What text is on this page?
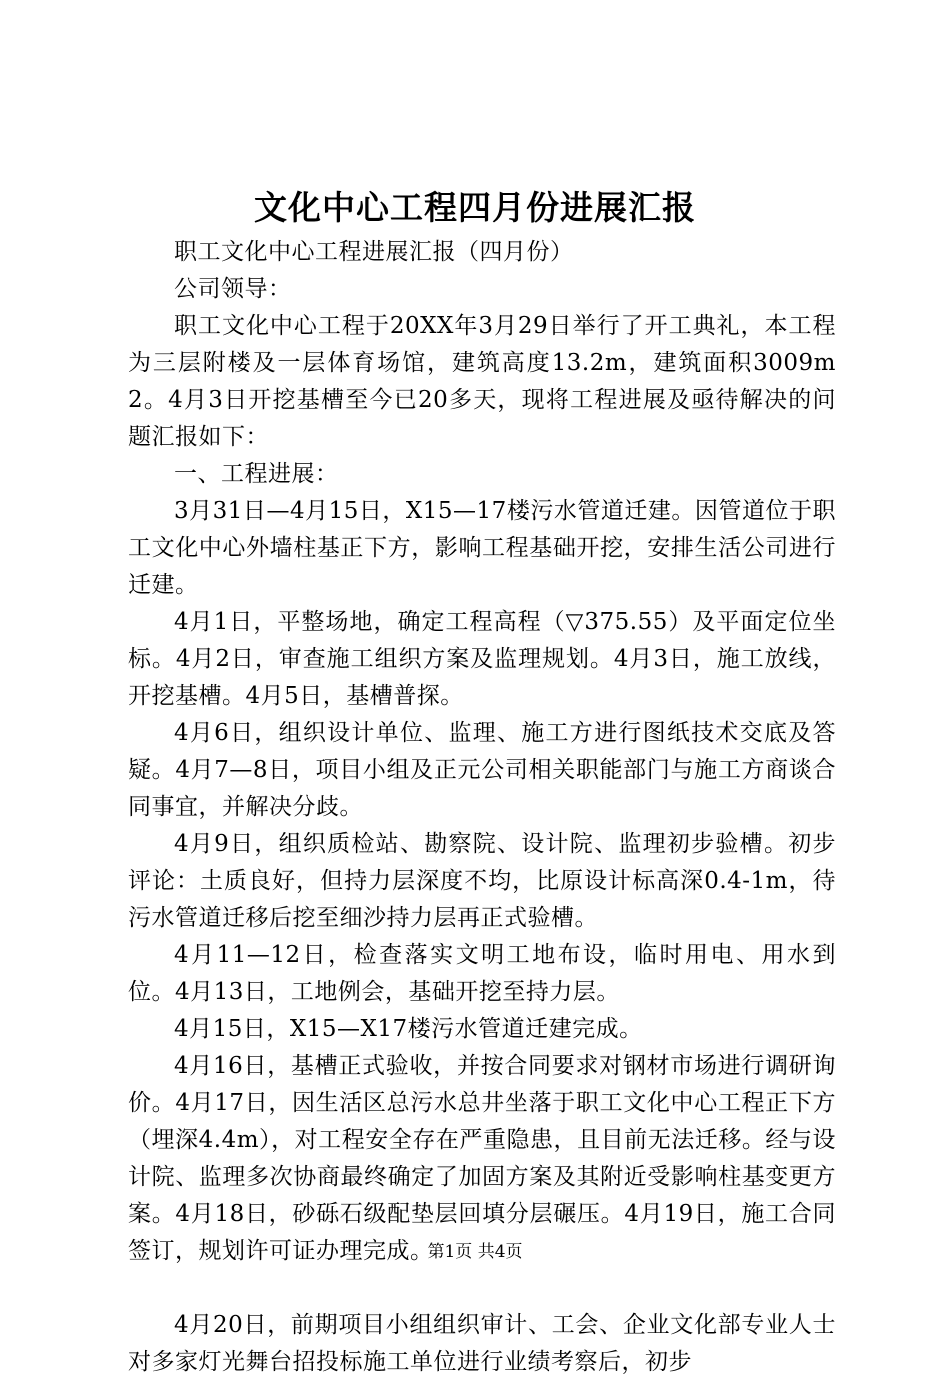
文化中心工程四月份进展汇报

职工文化中心工程进展汇报（四月份）

公司领导：

职工文化中心工程于20XX年3月29日举行了开工典礼，本工程为三层附楼及一层体育场馆，建筑高度13.2m，建筑面积3009m2。4月3日开挖基槽至今已20多天，现将工程进展及亟待解决的问题汇报如下：

一、工程进展：

3月31日—4月15日，X15—17楼污水管道迁建。因管道位于职工文化中心外墙柱基正下方，影响工程基础开挖，安排生活公司进行迁建。

4月1日，平整场地，确定工程高程（▽375.55）及平面定位坐标。4月2日，审查施工组织方案及监理规划。4月3日，施工放线，开挖基槽。4月5日，基槽普探。

4月6日，组织设计单位、监理、施工方进行图纸技术交底及答疑。4月7—8日，项目小组及正元公司相关职能部门与施工方商谈合同事宜，并解决分歧。

4月9日，组织质检站、勘察院、设计院、监理初步验槽。初步评论：土质良好，但持力层深度不均，比原设计标高深0.4-1m，待污水管道迁移后挖至细沙持力层再正式验槽。

4月11—12日，检查落实文明工地布设，临时用电、用水到位。4月13日，工地例会，基础开挖至持力层。

4月15日，X15—X17楼污水管道迁建完成。

4月16日，基槽正式验收，并按合同要求对钢材市场进行调研询价。4月17日，因生活区总污水总井坐落于职工文化中心工程正下方（埋深4.4m），对工程安全存在严重隐患，且目前无法迁移。经与设计院、监理多次协商最终确定了加固方案及其附近受影响柱基变更方案。4月18日，砂砾石级配垫层回填分层碾压。4月19日，施工合同签订，规划许可证办理完成。

4月20日，前期项目小组组织审计、工会、企业文化部专业人士对多家灯光舞台招投标施工单位进行业绩考察后，初步

第1页 共4页
